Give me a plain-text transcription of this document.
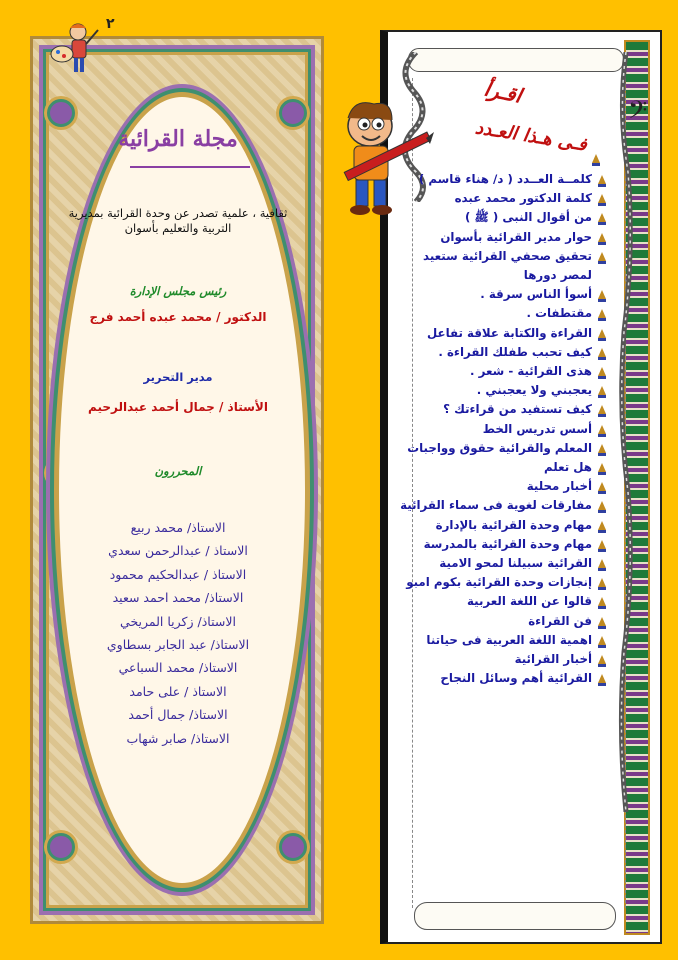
٢
مجلة القرائية
ثقافية ، علمية تصدر عن وحدة القرائية بمديرية التربية والتعليم بأسوان
رئيس مجلس الإدارة
الدكتور / محمد عبده أحمد فرج
مدير التحرير
الأستاذ / جمال أحمد عبدالرحيم
المحررون
الاستاذ/ محمد ربيع
الاستاذ / عبدالرحمن سعدي
الاستاذ / عبدالحكيم محمود
الاستاذ/ محمد احمد سعيد
الاستاذ/ زكريا المريخي
الاستاذ/ عبد الجابر بسطاوي
الاستاذ/ محمد السباعي
الاستاذ / على حامد
الاستاذ/ جمال أحمد
الاستاذ/ صابر شهاب
𝄢
اقـرأ
فـى هـذا العـدد
كلمــة العــدد ( د/ هناء قاسم )
كلمة الدكتور محمد عبده
من أقوال النبى ( ﷺ )
حوار مدير القرائية بأسوان
تحقيق صحفي القرائية ستعيد لمصر دورها
أسوأ الناس سرقة .
مقتطفات .
القراءة والكتابة علاقة تفاعل
كيف تحبب طفلك القراءة .
هذى القرائية - شعر .
يعجبني ولا يعجبني .
كيف تستفيد من قراءتك ؟
أسس تدريس الخط
المعلم والقرائية حقوق وواجبات
هل تعلم
أخبار محلية
مفارقات لغوية فى سماء القرائية
مهام وحدة القرائية بالإدارة
مهام وحدة القرائية بالمدرسة
القرائية سبيلنا لمحو الامية
إنجازات وحدة القرائية بكوم امبو
قالوا عن اللغة العربية
فن القراءة
اهمية اللغة العربية فى حياتنا
أخبار القرائية
القرائية أهم وسائل النجاح
